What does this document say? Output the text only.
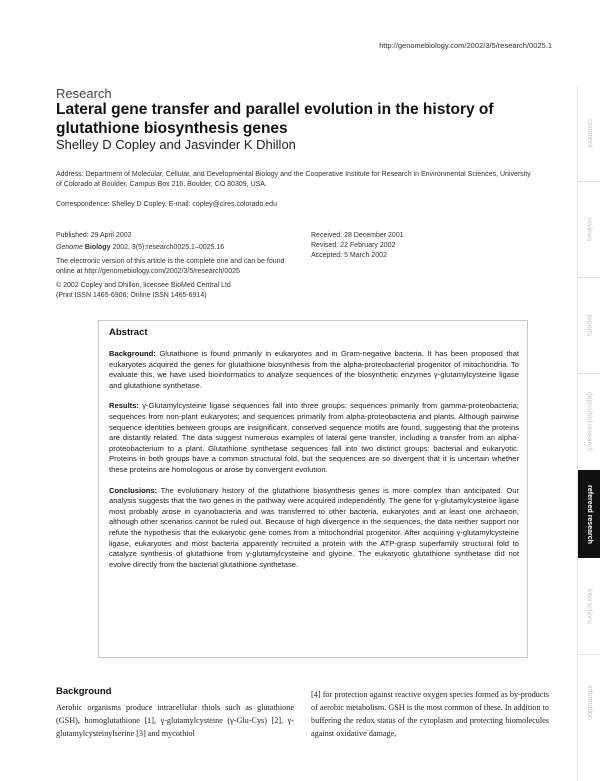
http://genomebiology.com/2002/3/5/research/0025.1
Research
Lateral gene transfer and parallel evolution in the history of glutathione biosynthesis genes
Shelley D Copley and Jasvinder K Dhillon
Address: Department of Molecular, Cellular, and Developmental Biology and the Cooperative Institute for Research in Environmental Sciences, University of Colorado at Boulder, Campus Box 216, Boulder, CO 80309, USA.
Correspondence: Shelley D Copley. E-mail: copley@cires.colorado.edu
Published: 29 April 2002
Genome Biology 2002, 3(5):research0025.1–0025.16
The electronic version of this article is the complete one and can be found online at http://genomebiology.com/2002/3/5/research/0025
© 2002 Copley and Dhillon, licensee BioMed Central Ltd
(Print ISSN 1465-6906; Online ISSN 1465-6914)
Received: 28 December 2001
Revised: 22 February 2002
Accepted: 5 March 2002
Abstract

Background: Glutathione is found primarily in eukaryotes and in Gram-negative bacteria. It has been proposed that eukaryotes acquired the genes for glutathione biosynthesis from the alpha-proteobacterial progenitor of mitochondria. To evaluate this, we have used bioinformatics to analyze sequences of the biosynthetic enzymes γ-glutamylcysteine ligase and glutathione synthetase.

Results: γ-Glutamylcysteine ligase sequences fall into three groups: sequences primarily from gamma-proteobacteria; sequences from non-plant eukaryotes; and sequences primarily from alpha-proteobacteria and plants. Although pairwise sequence identities between groups are insignificant, conserved sequence motifs are found, suggesting that the proteins are distantly related. The data suggest numerous examples of lateral gene transfer, including a transfer from an alpha-proteobacterium to a plant. Glutathione synthetase sequences fall into two distinct groups: bacterial and eukaryotic. Proteins in both groups have a common structural fold, but the sequences are so divergent that it is uncertain whether these proteins are homologous or arose by convergent evolution.

Conclusions: The evolutionary history of the glutathione biosynthesis genes is more complex than anticipated. Our analysis suggests that the two genes in the pathway were acquired independently. The gene for γ-glutamylcysteine ligase most probably arose in cyanobacteria and was transferred to other bacteria, eukaryotes and at least one archaeon, although other scenarios cannot be ruled out. Because of high divergence in the sequences, the data neither support nor refute the hypothesis that the eukaryotic gene comes from a mitochondrial progenitor. After acquiring γ-glutamylcysteine ligase, eukaryotes and most bacteria apparently recruited a protein with the ATP-grasp superfamily structural fold to catalyze synthesis of glutathione from γ-glutamylcysteine and glycine. The eukaryotic glutathione synthetase did not evolve directly from the bacterial glutathione synthetase.

Background
Aerobic organisms produce intracellular thiols such as glutathione (GSH), homoglutathione [1], γ-glutamylcysteine (γ-Glu-Cys) [2], γ-glutamylcysteinylserine [3] and mycothiol
[4] for protection against reactive oxygen species formed as by-products of aerobic metabolism. GSH is the most common of these. In addition to buffering the redox status of the cytoplasm and protecting biomolecules against oxidative damage,
comment
reviews
reports
deposited research
refereed research
interactions
information
